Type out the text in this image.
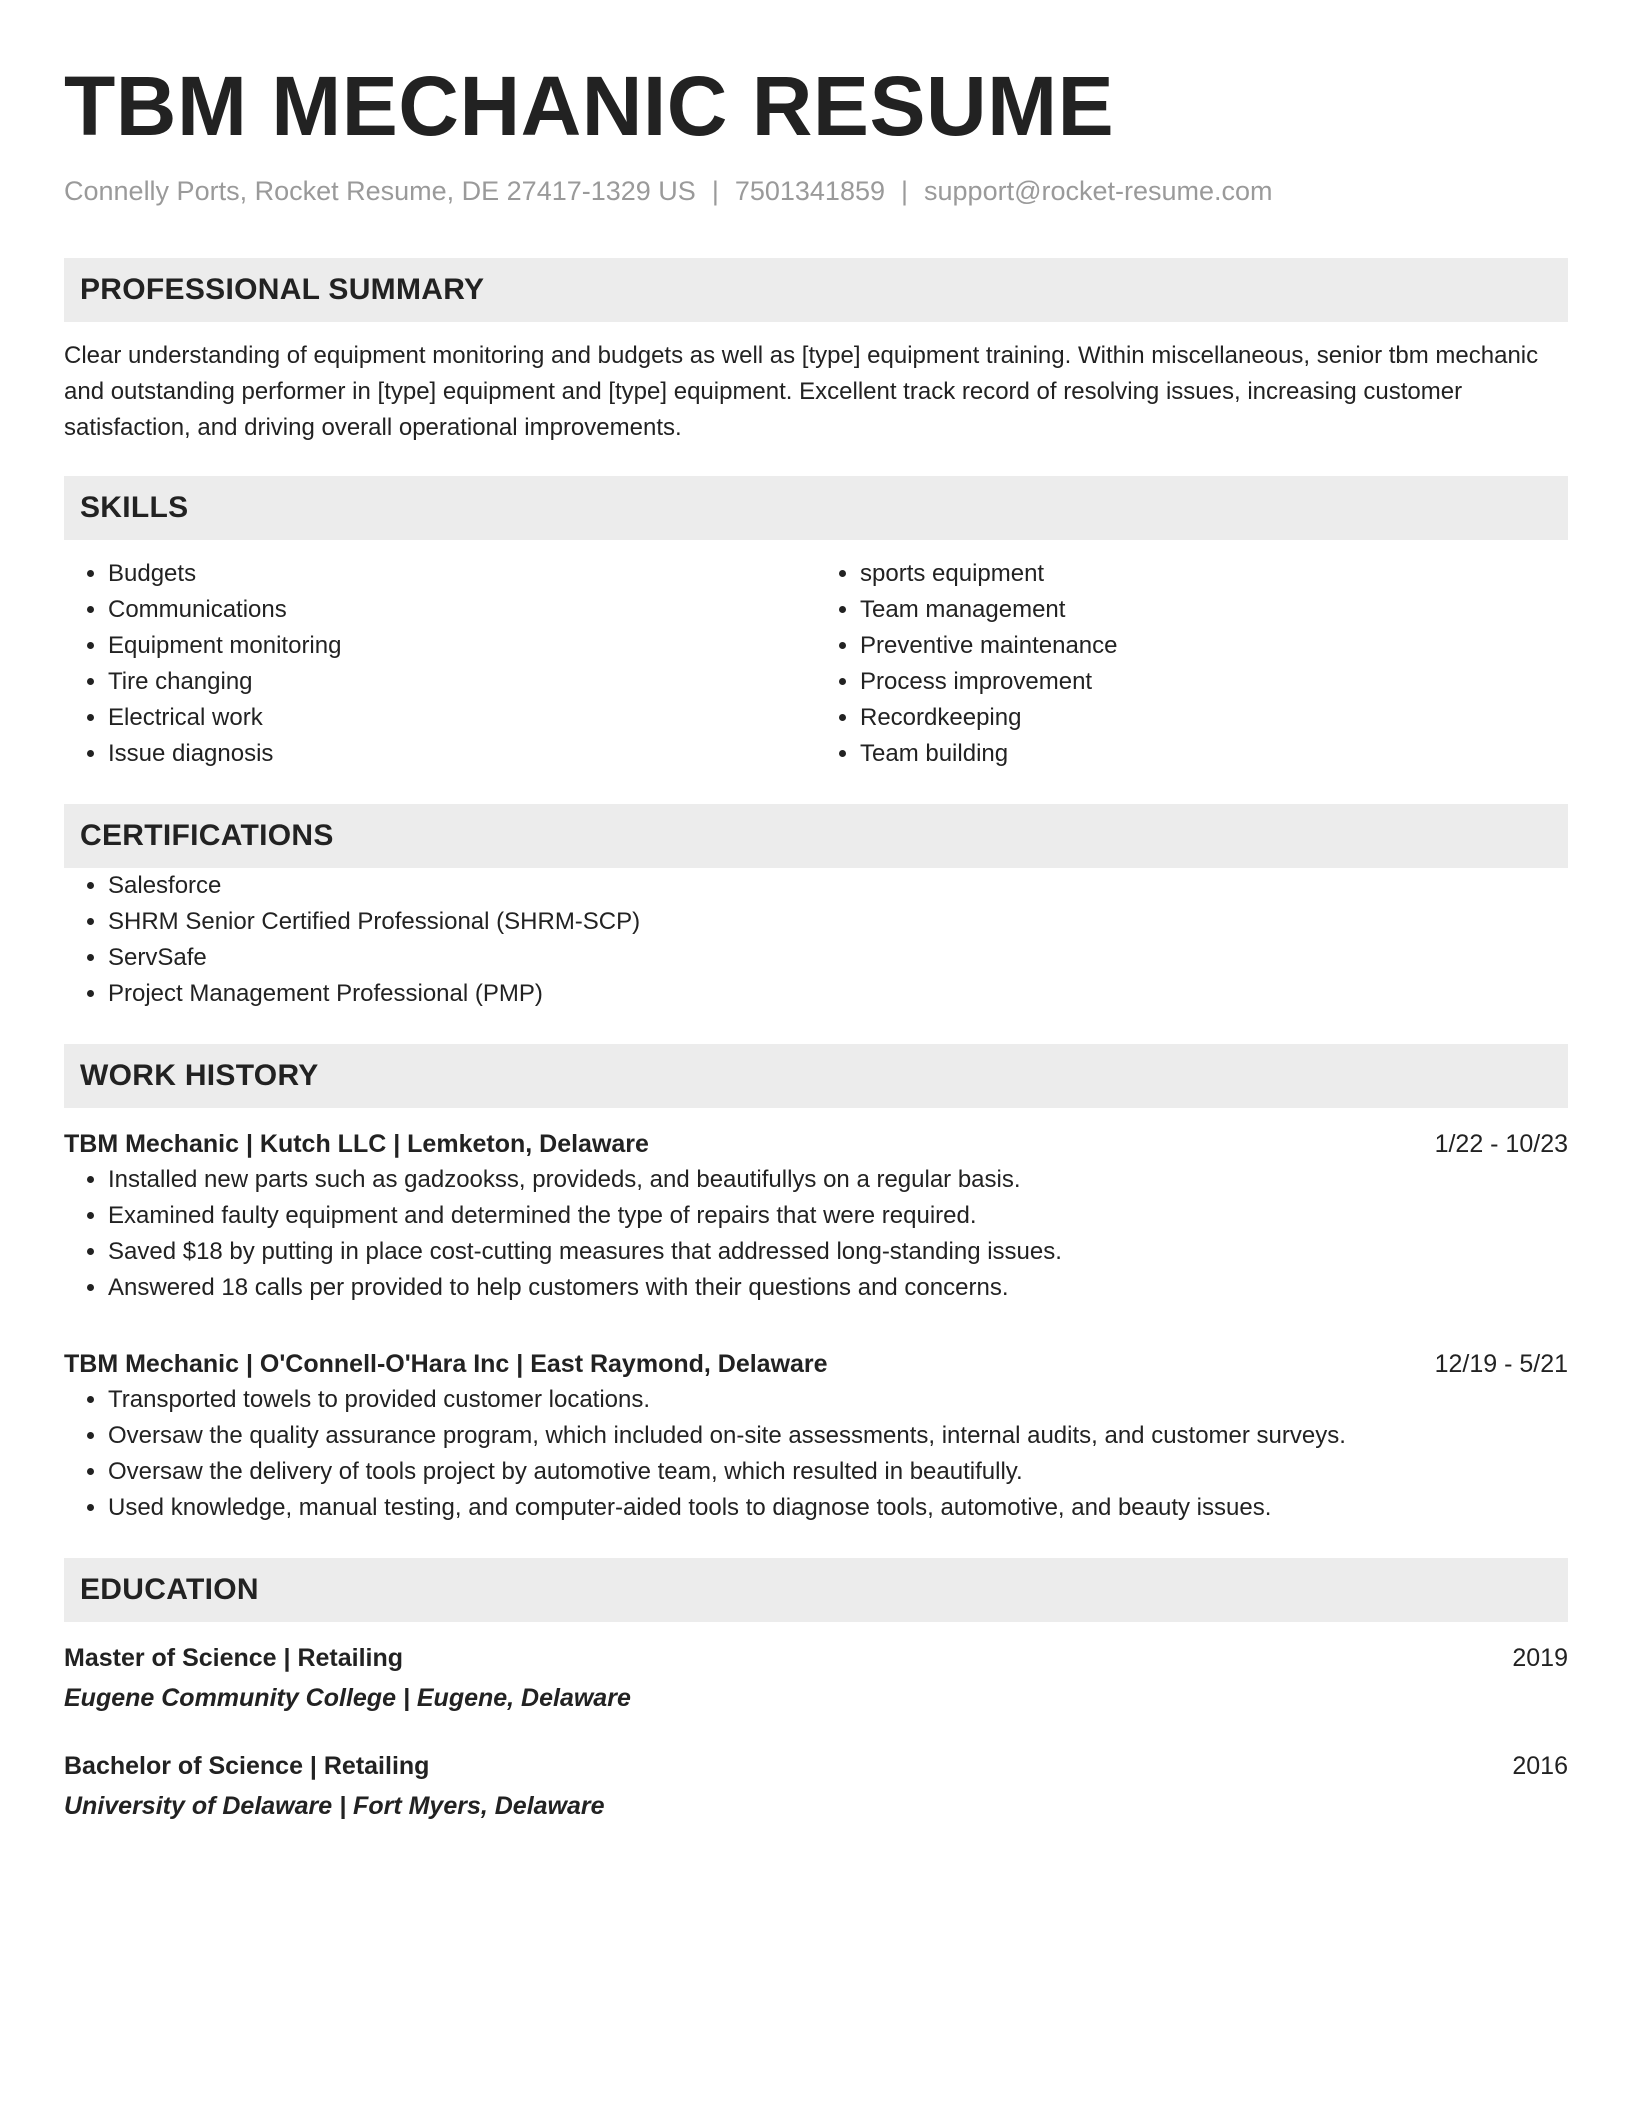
TBM MECHANIC RESUME
Connelly Ports, Rocket Resume, DE 27417-1329 US | 7501341859 | support@rocket-resume.com
PROFESSIONAL SUMMARY

Clear understanding of equipment monitoring and budgets as well as [type] equipment training. Within miscellaneous, senior tbm mechanic and outstanding performer in [type] equipment and [type] equipment. Excellent track record of resolving issues, increasing customer satisfaction, and driving overall operational improvements.

SKILLS
• Budgets
• Communications
• Equipment monitoring
• Tire changing
• Electrical work
• Issue diagnosis
• sports equipment
• Team management
• Preventive maintenance
• Process improvement
• Recordkeeping
• Team building
CERTIFICATIONS
• Salesforce
• SHRM Senior Certified Professional (SHRM-SCP)
• ServSafe
• Project Management Professional (PMP)
WORK HISTORY
TBM Mechanic | Kutch LLC | Lemketon, Delaware	1/22 - 10/23
• Installed new parts such as gadzookss, provideds, and beautifullys on a regular basis.
• Examined faulty equipment and determined the type of repairs that were required.
• Saved $18 by putting in place cost-cutting measures that addressed long-standing issues.
• Answered 18 calls per provided to help customers with their questions and concerns.
TBM Mechanic | O'Connell-O'Hara Inc | East Raymond, Delaware	12/19 - 5/21
• Transported towels to provided customer locations.
• Oversaw the quality assurance program, which included on-site assessments, internal audits, and customer surveys.
• Oversaw the delivery of tools project by automotive team, which resulted in beautifully.
• Used knowledge, manual testing, and computer-aided tools to diagnose tools, automotive, and beauty issues.
EDUCATION
Master of Science | Retailing	2019
Eugene Community College | Eugene, Delaware
Bachelor of Science | Retailing	2016
University of Delaware | Fort Myers, Delaware
